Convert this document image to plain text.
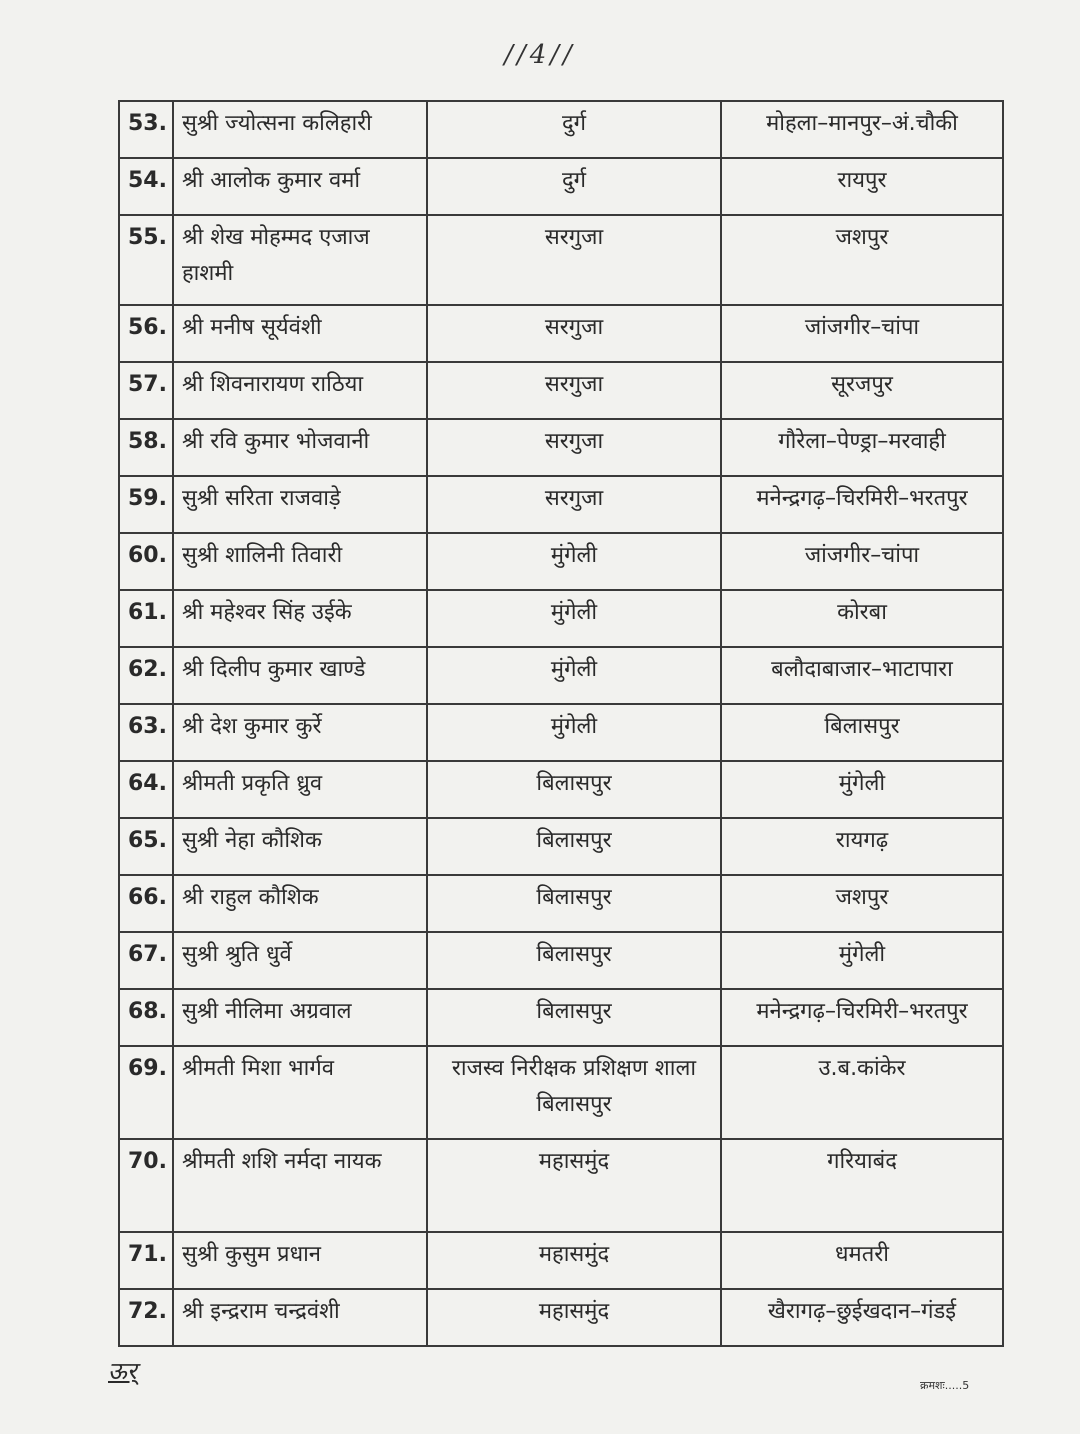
//4//
53.	सुश्री ज्योत्सना कलिहारी	दुर्ग	मोहला–मानपुर–अं.चौकी
54.	श्री आलोक कुमार वर्मा	दुर्ग	रायपुर
55.	श्री शेख मोहम्मद एजाज हाशमी	सरगुजा	जशपुर
56.	श्री मनीष सूर्यवंशी	सरगुजा	जांजगीर–चांपा
57.	श्री शिवनारायण राठिया	सरगुजा	सूरजपुर
58.	श्री रवि कुमार भोजवानी	सरगुजा	गौरेला–पेण्ड्रा–मरवाही
59.	सुश्री सरिता राजवाड़े	सरगुजा	मनेन्द्रगढ़–चिरमिरी–भरतपुर
60.	सुश्री शालिनी तिवारी	मुंगेली	जांजगीर–चांपा
61.	श्री महेश्वर सिंह उईके	मुंगेली	कोरबा
62.	श्री दिलीप कुमार खाण्डे	मुंगेली	बलौदाबाजार–भाटापारा
63.	श्री देश कुमार कुर्रे	मुंगेली	बिलासपुर
64.	श्रीमती प्रकृति ध्रुव	बिलासपुर	मुंगेली
65.	सुश्री नेहा कौशिक	बिलासपुर	रायगढ़
66.	श्री राहुल कौशिक	बिलासपुर	जशपुर
67.	सुश्री श्रुति धुर्वे	बिलासपुर	मुंगेली
68.	सुश्री नीलिमा अग्रवाल	बिलासपुर	मनेन्द्रगढ़–चिरमिरी–भरतपुर
69.	श्रीमती मिशा भार्गव	राजस्व निरीक्षक प्रशिक्षण शाला बिलासपुर	उ.ब.कांकेर
70.	श्रीमती शशि नर्मदा नायक	महासमुंद	गरियाबंद
71.	सुश्री कुसुम प्रधान	महासमुंद	धमतरी
72.	श्री इन्द्रराम चन्द्रवंशी	महासमुंद	खैरागढ़–छुईखदान–गंडई
ऊर्
क्रमशः.....5
